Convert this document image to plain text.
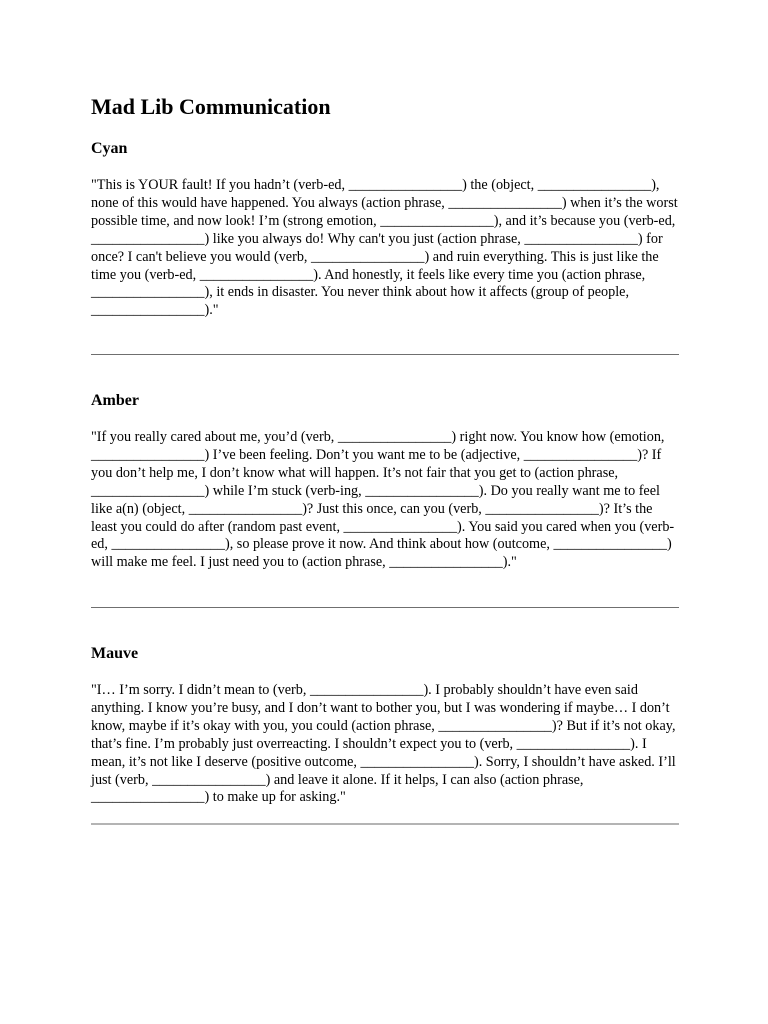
Mad Lib Communication
Cyan

"This is YOUR fault! If you hadn’t (verb-ed, ________________) the (object, ________________), none of this would have happened. You always (action phrase, ________________) when it’s the worst possible time, and now look! I’m (strong emotion, ________________), and it’s because you (verb-ed, ________________) like you always do! Why can't you just (action phrase, ________________) for once? I can't believe you would (verb, ________________) and ruin everything. This is just like the time you (verb-ed, ________________). And honestly, it feels like every time you (action phrase, ________________), it ends in disaster. You never think about how it affects (group of people, ________________)."

Amber

"If you really cared about me, you’d (verb, ________________) right now. You know how (emotion, ________________) I’ve been feeling. Don’t you want me to be (adjective, ________________)? If you don’t help me, I don’t know what will happen. It’s not fair that you get to (action phrase, ________________) while I’m stuck (verb-ing, ________________). Do you really want me to feel like a(n) (object, ________________)? Just this once, can you (verb, ________________)? It’s the least you could do after (random past event, ________________). You said you cared when you (verb-ed, ________________), so please prove it now. And think about how (outcome, ________________) will make me feel. I just need you to (action phrase, ________________)."

Mauve

"I… I’m sorry. I didn’t mean to (verb, ________________). I probably shouldn’t have even said anything. I know you’re busy, and I don’t want to bother you, but I was wondering if maybe… I don’t know, maybe if it’s okay with you, you could (action phrase, ________________)? But if it’s not okay, that’s fine. I’m probably just overreacting. I shouldn’t expect you to (verb, ________________). I mean, it’s not like I deserve (positive outcome, ________________). Sorry, I shouldn’t have asked. I’ll just (verb, ________________) and leave it alone. If it helps, I can also (action phrase, ________________) to make up for asking."
